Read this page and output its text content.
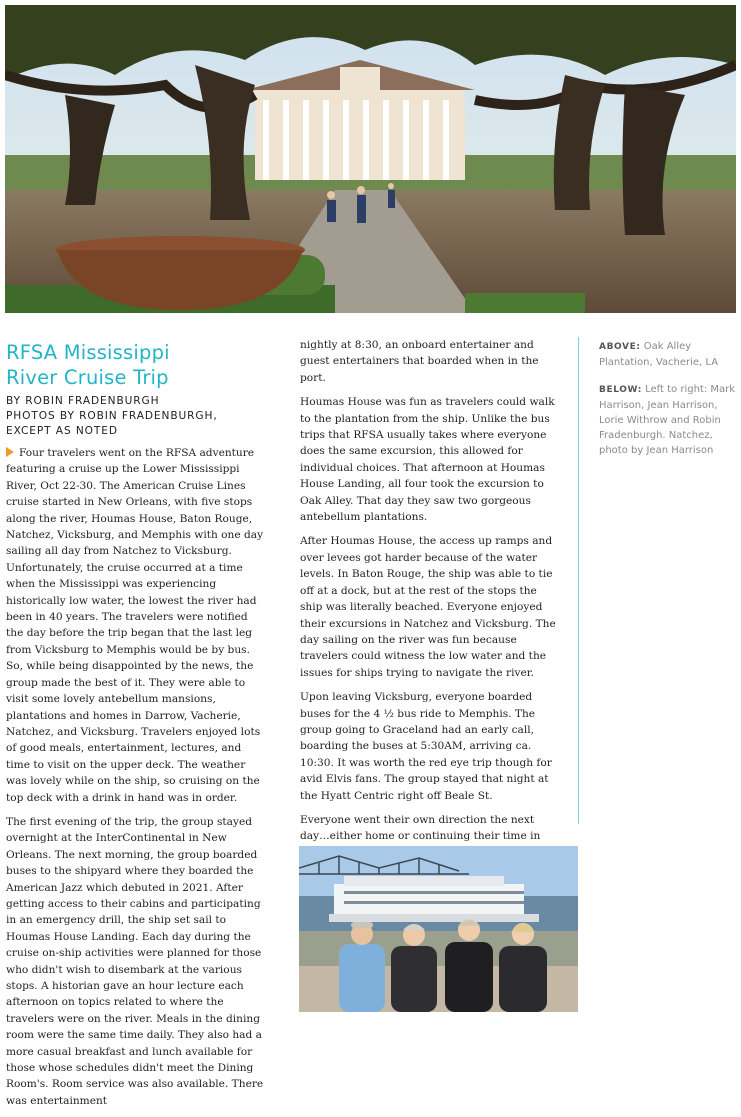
RFSA Mississippi
River Cruise Trip
BY ROBIN FRADENBURGH
PHOTOS BY ROBIN FRADENBURGH,
EXCEPT AS NOTED

Four travelers went on the RFSA adventure featuring a cruise up the Lower Mississippi River, Oct 22-30. The American Cruise Lines cruise started in New Orleans, with five stops along the river, Houmas House, Baton Rouge, Natchez, Vicksburg, and Memphis with one day sailing all day from Natchez to Vicksburg. Unfortunately, the cruise occurred at a time when the Mississippi was experiencing historically low water, the lowest the river had been in 40 years. The travelers were notified the day before the trip began that the last leg from Vicksburg to Memphis would be by bus. So, while being disappointed by the news, the group made the best of it. They were able to visit some lovely antebellum mansions, plantations and homes in Darrow, Vacherie, Natchez, and Vicksburg. Travelers enjoyed lots of good meals, entertainment, lectures, and time to visit on the upper deck. The weather was lovely while on the ship, so cruising on the top deck with a drink in hand was in order.

The first evening of the trip, the group stayed overnight at the InterContinental in New Orleans. The next morning, the group boarded buses to the shipyard where they boarded the American Jazz which debuted in 2021. After getting access to their cabins and participating in an emergency drill, the ship set sail to Houmas House Landing. Each day during the cruise on-ship activities were planned for those who didn't wish to disembark at the various stops. A historian gave an hour lecture each afternoon on topics related to where the travelers were on the river. Meals in the dining room were the same time daily. They also had a more casual breakfast and lunch available for those whose schedules didn't meet the Dining Room's. Room service was also available. There was entertainment

nightly at 8:30, an onboard entertainer and guest entertainers that boarded when in the port.

Houmas House was fun as travelers could walk to the plantation from the ship. Unlike the bus trips that RFSA usually takes where everyone does the same excursion, this allowed for individual choices. That afternoon at Houmas House Landing, all four took the excursion to Oak Alley. That day they saw two gorgeous antebellum plantations.

After Houmas House, the access up ramps and over levees got harder because of the water levels. In Baton Rouge, the ship was able to tie off at a dock, but at the rest of the stops the ship was literally beached. Everyone enjoyed their excursions in Natchez and Vicksburg. The day sailing on the river was fun because travelers could witness the low water and the issues for ships trying to navigate the river.

Upon leaving Vicksburg, everyone boarded buses for the 4 ½ bus ride to Memphis. The group going to Graceland had an early call, boarding the buses at 5:30AM, arriving ca. 10:30. It was worth the red eye trip though for avid Elvis fans. The group stayed that night at the Hyatt Centric right off Beale St.

Everyone went their own direction the next day…either home or continuing their time in

ABOVE: Oak Alley Plantation, Vacherie, LA

BELOW: Left to right: Mark Harrison, Jean Harrison, Lorie Withrow and Robin Fradenburgh. Natchez, photo by Jean Harrison
